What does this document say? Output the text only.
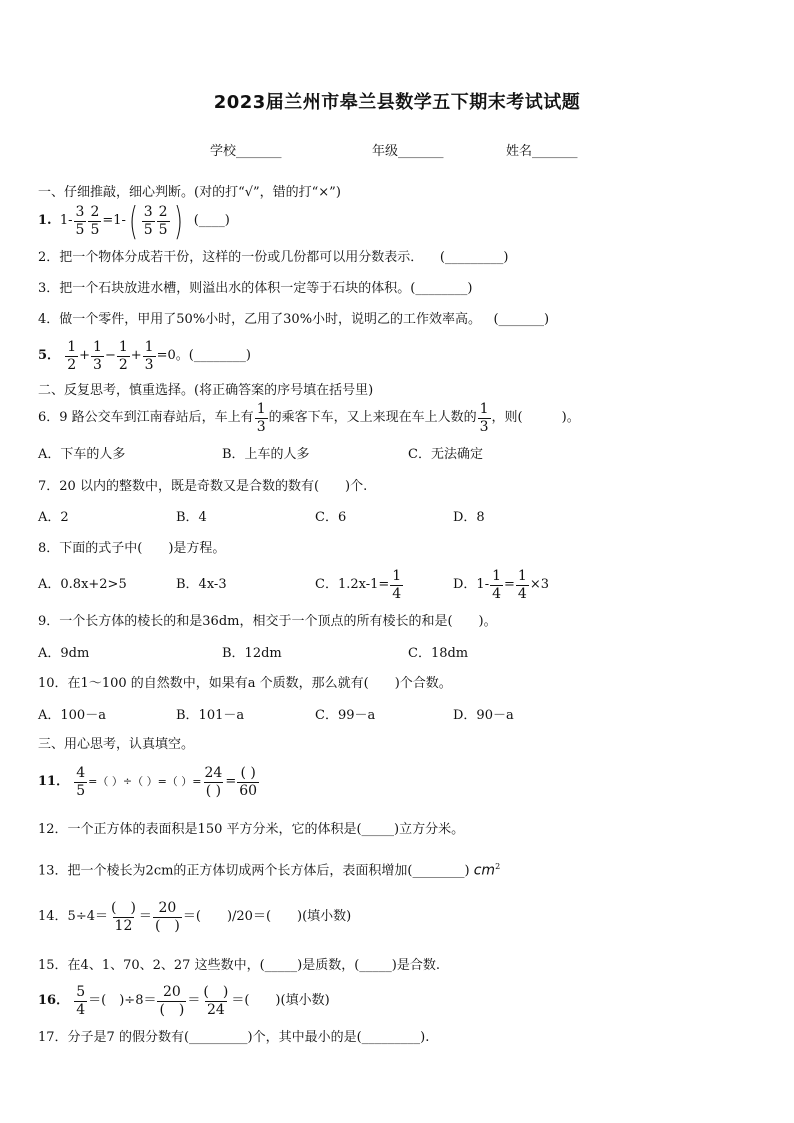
2023届兰州市皋兰县数学五下期末考试试题
学校_______	年级_______	姓名_______
一、仔细推敲，细心判断。(对的打“√”，错的打“×”)
1.
$1- \frac{3}{5} \frac{2}{5} =1-$ ( $\frac{3}{5} \frac{2}{5}$ )
(____)
2．把一个物体分成若干份，这样的一份或几份都可以用分数表示． (_________)
3．把一个石块放进水槽，则溢出水的体积一定等于石块的体积。(________)
4．做一个零件，甲用了50%小时，乙用了30%小时，说明乙的工作效率高。 (_______)
5．
$\frac{1}{2} + \frac{1}{3} - \frac{1}{2} + \frac{1}{3} =0$。(________)
二、反复思考，慎重选择。(将正确答案的序号填在括号里)
6．9 路公交车到江南春站后，车上有 $\frac{1}{3}$ 的乘客下车，又上来现在车上人数的 $\frac{1}{3}$ ，则(　　　)。
A．下车的人多	B．上车的人多	C．无法确定
7．20 以内的整数中，既是奇数又是合数的数有(　　)个.
A．2	B．4	C．6	D．8
8．下面的式子中(　　)是方程。
A．0.8x+2>5	B．4x-3	C．$1.2x-1= \frac{1}{4}$	D．$1- \frac{1}{4} = \frac{1}{4} \times 3$
9．一个长方体的棱长的和是36dm，相交于一个顶点的所有棱长的和是(　　)。
A．9dm	B．12dm	C．18dm
10．在1～100 的自然数中，如果有a 个质数，那么就有(　　)个合数。
A．100－a	B．101－a	C．99－a	D．90－a
三、用心思考，认真填空。
11．
$\frac{4}{5}$ =（ ）÷（ ）=（ ）= $\frac{24}{( )} = \frac{( )}{60}$
12．一个正方体的表面积是150 平方分米，它的体积是(_____)立方分米。
13．把一个棱长为2cm的正方体切成两个长方体后，表面积增加(________) $cm^2$
14．$5\div 4= \frac{( )}{12} = \frac{20}{( )}$ ＝(　　)/20＝(　　)(填小数)
15．在4、1、70、2、27 这些数中，(_____)是质数，(_____)是合数.
16．
$\frac{5}{4}$ ＝(　)$\div 8= \frac{20}{( )} = \frac{( )}{24}$ ＝(　　)(填小数)
17．分子是7 的假分数有(_________)个，其中最小的是(_________).
